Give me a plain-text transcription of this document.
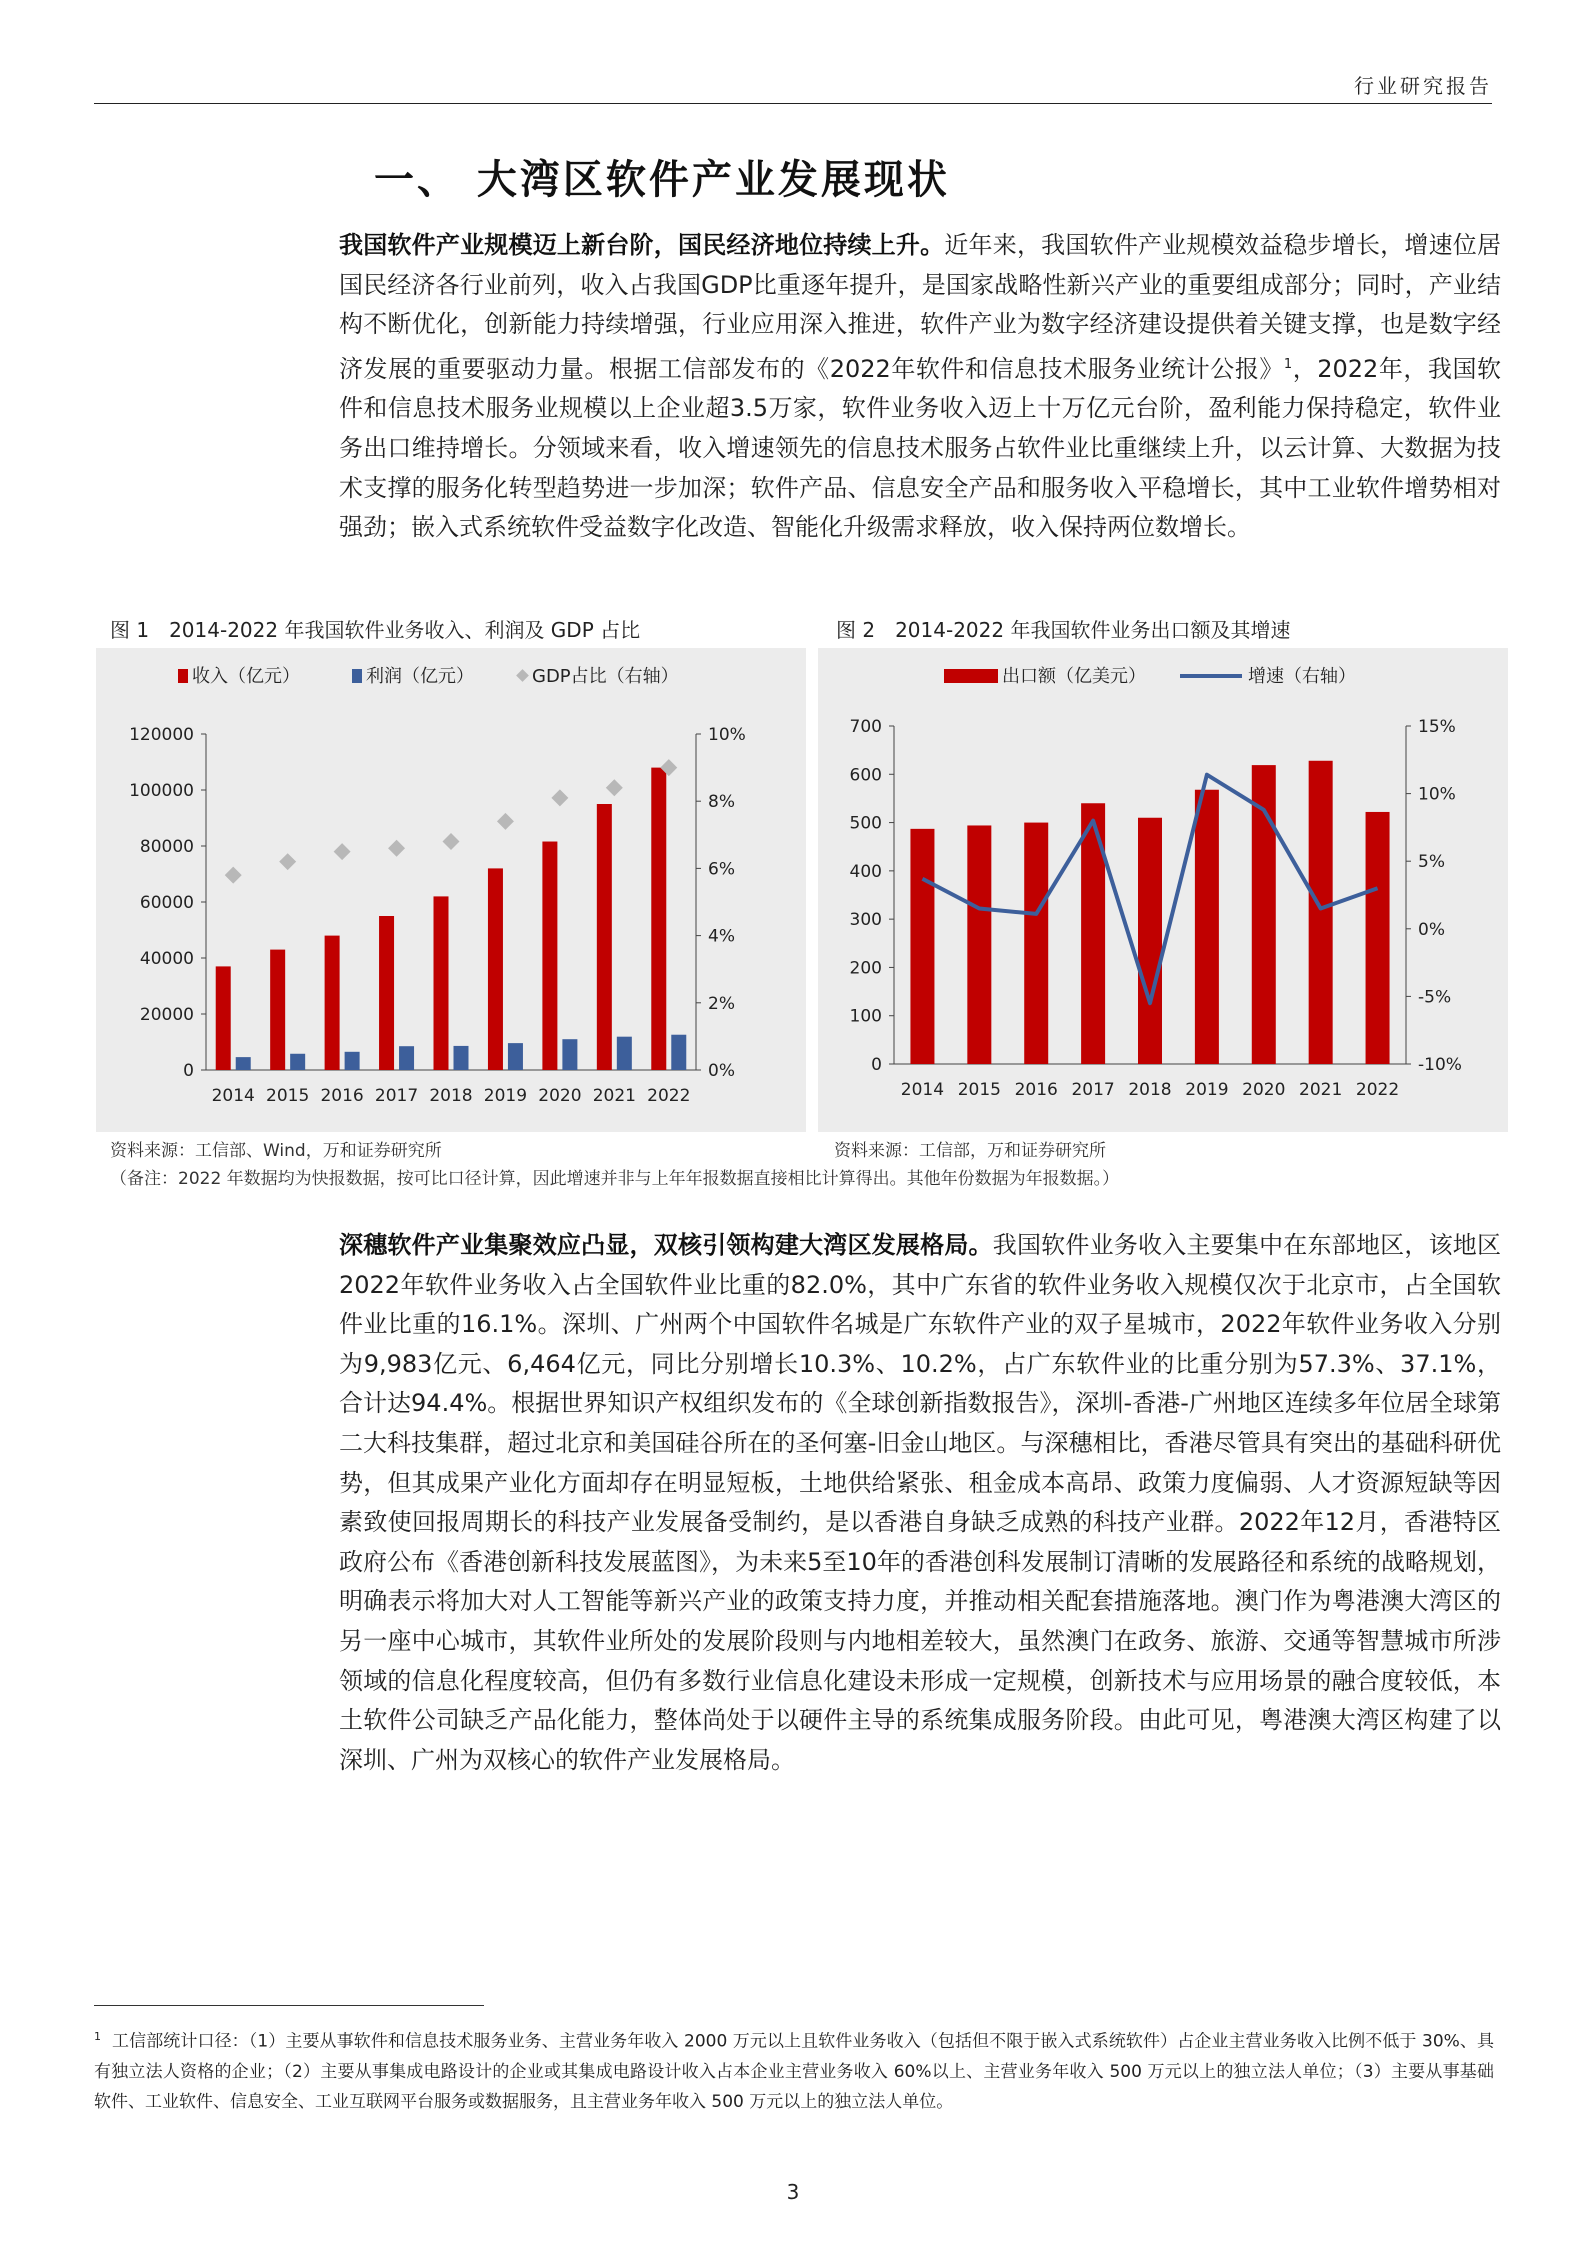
行业研究报告
一、 大湾区软件产业发展现状
我国软件产业规模迈上新台阶，国民经济地位持续上升。近年来，我国软件产业规模效益稳步增长，增速位居国民经济各行业前列，收入占我国GDP比重逐年提升，是国家战略性新兴产业的重要组成部分；同时，产业结构不断优化，创新能力持续增强，行业应用深入推进，软件产业为数字经济建设提供着关键支撑，也是数字经济发展的重要驱动力量。根据工信部发布的《2022年软件和信息技术服务业统计公报》$^1$，2022年，我国软件和信息技术服务业规模以上企业超3.5万家，软件业务收入迈上十万亿元台阶，盈利能力保持稳定，软件业务出口维持增长。分领域来看，收入增速领先的信息技术服务占软件业比重继续上升，以云计算、大数据为技术支撑的服务化转型趋势进一步加深；软件产品、信息安全产品和服务收入平稳增长，其中工业软件增势相对强劲；嵌入式系统软件受益数字化改造、智能化升级需求释放，收入保持两位数增长。
图 1　2014-2022 年我国软件业务收入、利润及 GDP 占比	图 2　2014-2022 年我国软件业务出口额及其增速
0
20000
40000
60000
80000
100000
120000
0%
2%
4%
6%
8%
10%
2014 2015 2016 2017 2018 2019 2020 2021 2022
收入（亿元）	利润（亿元）	GDP占比（右轴）
0
100
200
300
400
500
600
700
-10%
-5%
0%
5%
10%
15%
2014 2015 2016 2017 2018 2019 2020 2021 2022
出口额（亿美元）	增速（右轴）
资料来源：工信部、Wind，万和证券研究所	资料来源：工信部，万和证券研究所
（备注：2022 年数据均为快报数据，按可比口径计算，因此增速并非与上年年报数据直接相比计算得出。其他年份数据为年报数据。）
深穗软件产业集聚效应凸显，双核引领构建大湾区发展格局。我国软件业务收入主要集中在东部地区，该地区2022年软件业务收入占全国软件业比重的82.0%，其中广东省的软件业务收入规模仅次于北京市，占全国软件业比重的16.1%。深圳、广州两个中国软件名城是广东软件产业的双子星城市，2022年软件业务收入分别为9,983亿元、6,464亿元，同比分别增长10.3%、10.2%，占广东软件业的比重分别为57.3%、37.1%，合计达94.4%。根据世界知识产权组织发布的《全球创新指数报告》，深圳-香港-广州地区连续多年位居全球第二大科技集群，超过北京和美国硅谷所在的圣何塞-旧金山地区。与深穗相比，香港尽管具有突出的基础科研优势，但其成果产业化方面却存在明显短板，土地供给紧张、租金成本高昂、政策力度偏弱、人才资源短缺等因素致使回报周期长的科技产业发展备受制约，是以香港自身缺乏成熟的科技产业群。2022年12月，香港特区政府公布《香港创新科技发展蓝图》，为未来5至10年的香港创科发展制订清晰的发展路径和系统的战略规划，明确表示将加大对人工智能等新兴产业的政策支持力度，并推动相关配套措施落地。澳门作为粤港澳大湾区的另一座中心城市，其软件业所处的发展阶段则与内地相差较大，虽然澳门在政务、旅游、交通等智慧城市所涉领域的信息化程度较高，但仍有多数行业信息化建设未形成一定规模，创新技术与应用场景的融合度较低，本土软件公司缺乏产品化能力，整体尚处于以硬件主导的系统集成服务阶段。由此可见，粤港澳大湾区构建了以深圳、广州为双核心的软件产业发展格局。
$^1$ 工信部统计口径：（1）主要从事软件和信息技术服务业务、主营业务年收入 2000 万元以上且软件业务收入（包括但不限于嵌入式系统软件）占企业主营业务收入比例不低于 30%、具有独立法人资格的企业；（2）主要从事集成电路设计的企业或其集成电路设计收入占本企业主营业务收入 60%以上、主营业务年收入 500 万元以上的独立法人单位；（3）主要从事基础软件、工业软件、信息安全、工业互联网平台服务或数据服务，且主营业务年收入 500 万元以上的独立法人单位。
3
